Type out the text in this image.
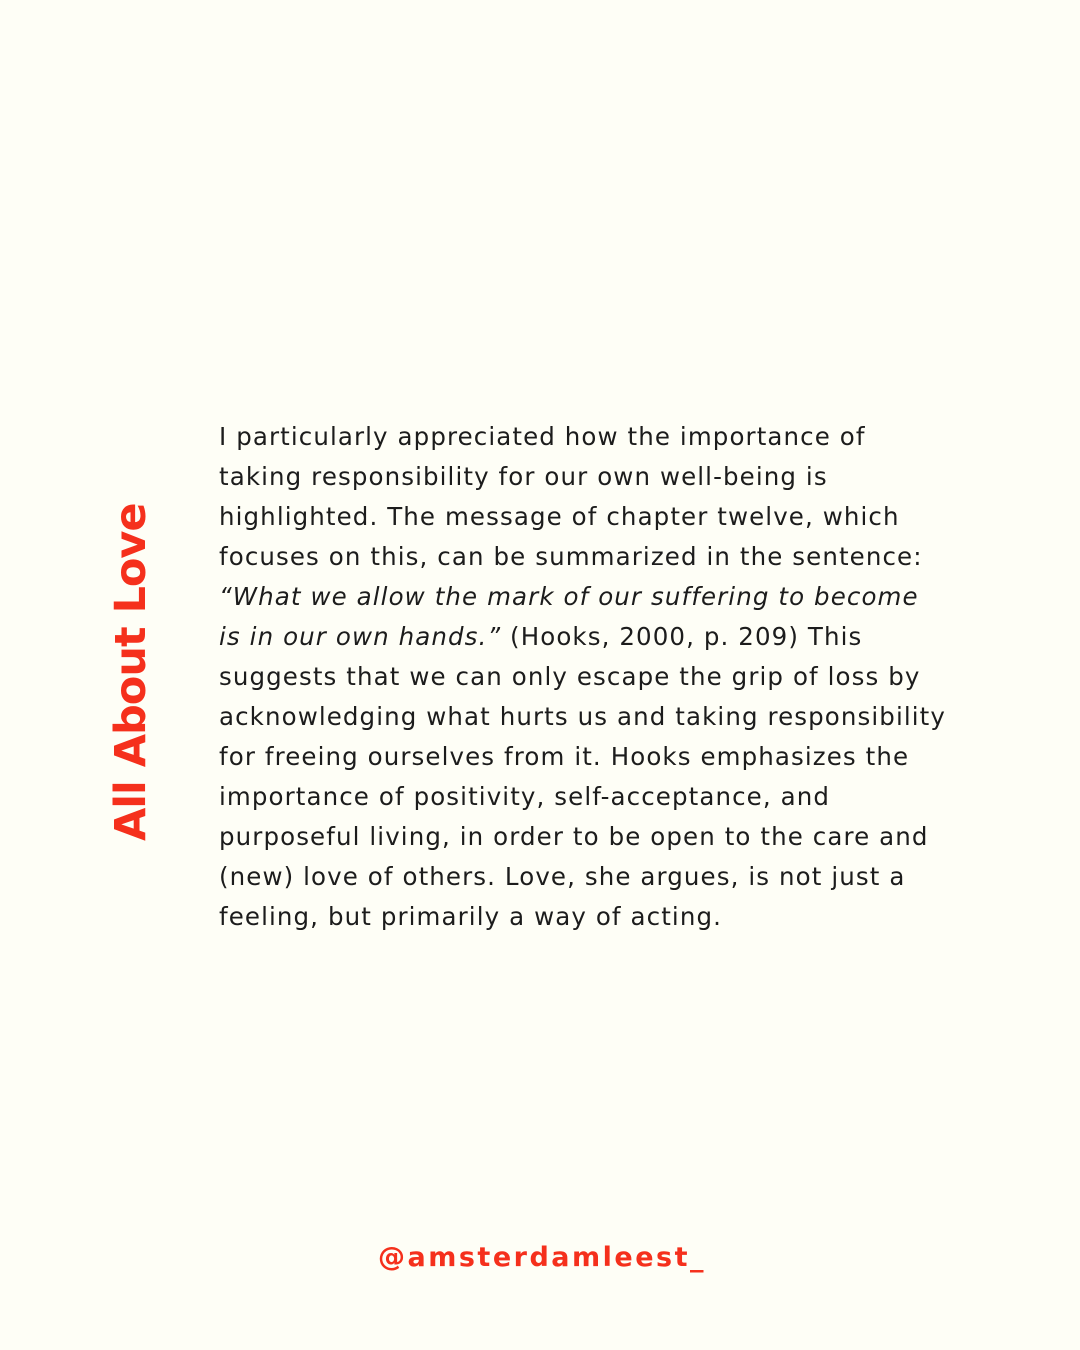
All About Love
I particularly appreciated how the importance of
taking responsibility for our own well-being is
highlighted. The message of chapter twelve, which
focuses on this, can be summarized in the sentence:
“What we allow the mark of our suffering to become
is in our own hands.” (Hooks, 2000, p. 209) This
suggests that we can only escape the grip of loss by
acknowledging what hurts us and taking responsibility
for freeing ourselves from it. Hooks emphasizes the
importance of positivity, self-acceptance, and
purposeful living, in order to be open to the care and
(new) love of others. Love, she argues, is not just a
feeling, but primarily a way of acting.
@amsterdamleest_
